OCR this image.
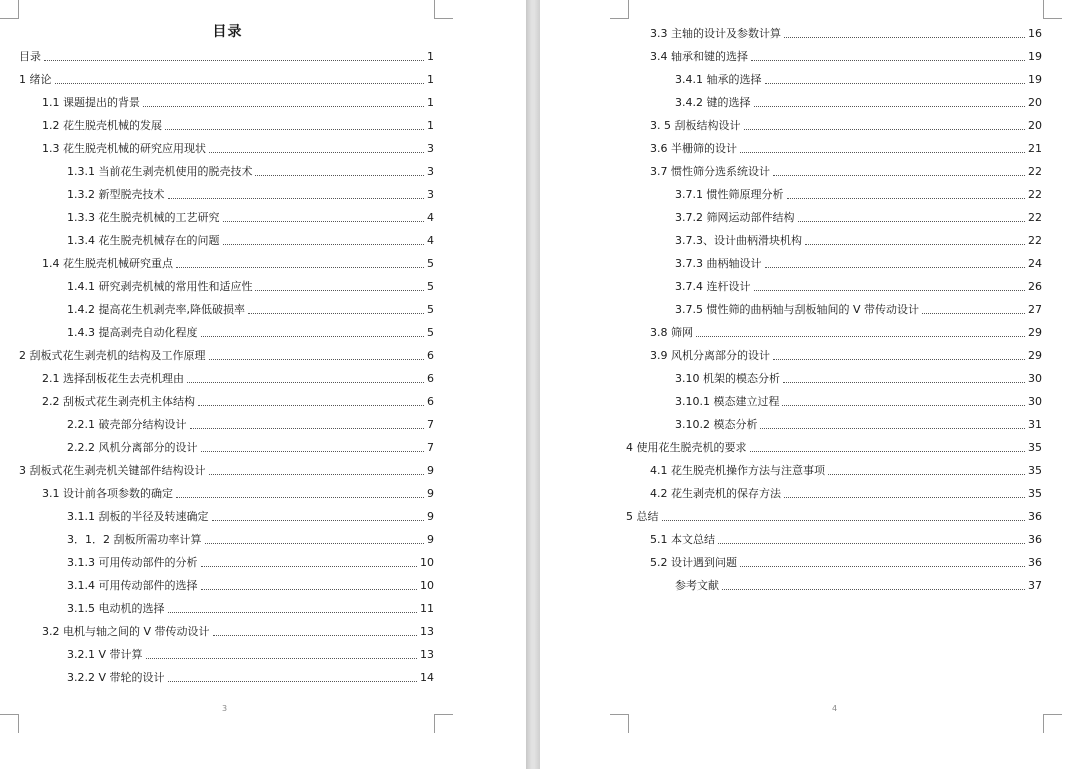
目录
目录	1
1 绪论	1
1.1 课题提出的背景	1
1.2 花生脱壳机械的发展	1
1.3 花生脱壳机械的研究应用现状	3
1.3.1 当前花生剥壳机使用的脱壳技术	3
1.3.2 新型脱壳技术	3
1.3.3 花生脱壳机械的工艺研究	4
1.3.4 花生脱壳机械存在的问题	4
1.4 花生脱壳机械研究重点	5
1.4.1 研究剥壳机械的常用性和适应性	5
1.4.2 提高花生机剥壳率,降低破损率	5
1.4.3 提高剥壳自动化程度	5
2 刮板式花生剥壳机的结构及工作原理	6
2.1 选择刮板花生去壳机理由	6
2.2 刮板式花生剥壳机主体结构	6
2.2.1 破壳部分结构设计	7
2.2.2 风机分离部分的设计	7
3 刮板式花生剥壳机关键部件结构设计	9
3.1 设计前各项参数的确定	9
3.1.1 刮板的半径及转速确定	9
3．1．2 刮板所需功率计算	9
3.1.3 可用传动部件的分析	10
3.1.4 可用传动部件的选择	10
3.1.5 电动机的选择	11
3.2 电机与轴之间的 V 带传动设计	13
3.2.1 V 带计算	13
3.2.2 V 带轮的设计	14
3
3.3 主轴的设计及参数计算	16
3.4 轴承和键的选择	19
3.4.1 轴承的选择	19
3.4.2 键的选择	20
3. 5 刮板结构设计	20
3.6 半栅筛的设计	21
3.7 惯性筛分选系统设计	22
3.7.1 惯性筛原理分析	22
3.7.2 筛网运动部件结构	22
3.7.3、设计曲柄滑块机构	22
3.7.3 曲柄轴设计	24
3.7.4 连杆设计	26
3.7.5 惯性筛的曲柄轴与刮板轴间的 V 带传动设计	27
3.8 筛网	29
3.9 风机分离部分的设计	29
3.10 机架的模态分析	30
3.10.1 模态建立过程	30
3.10.2 模态分析	31
4 使用花生脱壳机的要求	35
4.1 花生脱壳机操作方法与注意事项	35
4.2 花生剥壳机的保存方法	35
5 总结	36
5.1 本文总结	36
5.2 设计遇到问题	36
参考文献	37
4
